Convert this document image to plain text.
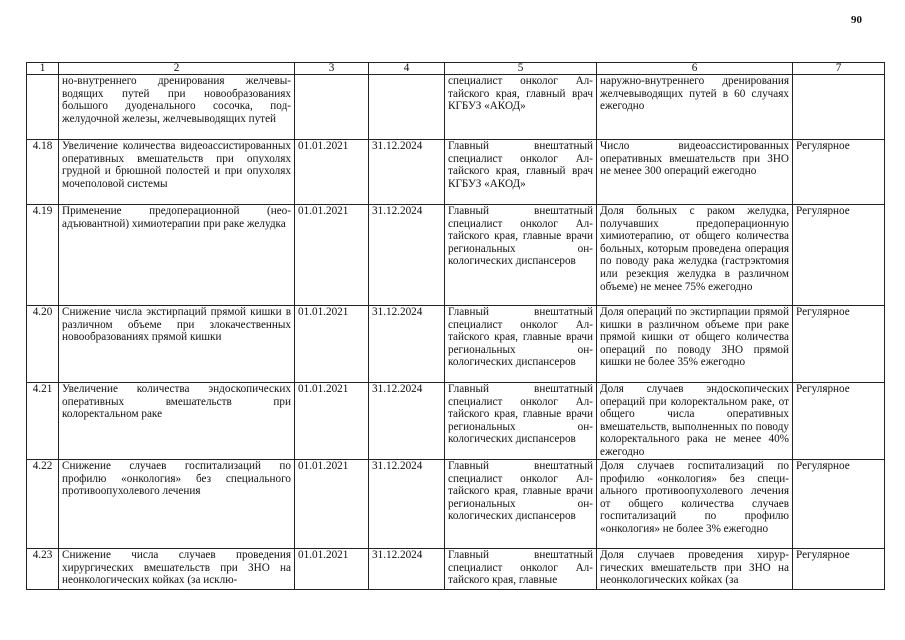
90
1	2	3	4	5	6	7
	но-внутреннего дренирования желчевыводящих путей при новообразованиях большого дуоденального сосочка, поджелудочной железы, желчевыводящих путей			специалист онколог Алтайского края, главный врач КГБУЗ «АКОД»	наружно-внутреннего дренирования желчевыводящих путей в 60 случаях ежегодно	
4.18	Увеличение количества видеоассистированных оперативных вмешательств при опухолях грудной и брюшной полостей и при опухолях мочеполовой системы	01.01.2021	31.12.2024	Главный внештатный специалист онколог Алтайского края, главный врач КГБУЗ «АКОД»	Число видеоассистированных оперативных вмешательств при ЗНО не менее 300 операций ежегодно	Регулярное
4.19	Применение предоперационной (неоадъювантной) химиотерапии при раке желудка	01.01.2021	31.12.2024	Главный внештатный специалист онколог Алтайского края, главные врачи региональных онкологических диспансеров	Доля больных с раком желудка, получавших предоперационную химиотерапию, от общего количества больных, которым проведена операция по поводу рака желудка (гастрэктомия или резекция желудка в различном объеме) не менее 75% ежегодно	Регулярное
4.20	Снижение числа экстирпаций прямой кишки в различном объеме при злокачественных новообразованиях прямой кишки	01.01.2021	31.12.2024	Главный внештатный специалист онколог Алтайского края, главные врачи региональных онкологических диспансеров	Доля операций по экстирпации прямой кишки в различном объеме при раке прямой кишки от общего количества операций по поводу ЗНО прямой кишки не более 35% ежегодно	Регулярное
4.21	Увеличение количества эндоскопических оперативных вмешательств при колоректальном раке	01.01.2021	31.12.2024	Главный внештатный специалист онколог Алтайского края, главные врачи региональных онкологических диспансеров	Доля случаев эндоскопических операций при колоректальном раке, от общего числа оперативных вмешательств, выполненных по поводу колоректального рака не менее 40% ежегодно	Регулярное
4.22	Снижение случаев госпитализаций по профилю «онкология» без специального противоопухолевого лечения	01.01.2021	31.12.2024	Главный внештатный специалист онколог Алтайского края, главные врачи региональных онкологических диспансеров	Доля случаев госпитализаций по профилю «онкология» без специального противоопухолевого лечения от общего количества случаев госпитализаций по профилю «онкология» не более 3% ежегодно	Регулярное
4.23	Снижение числа случаев проведения хирургических вмешательств при ЗНО на неонкологических койках (за исклю-	01.01.2021	31.12.2024	Главный внештатный специалист онколог Алтайского края, главные	Доля случаев проведения хирургических вмешательств при ЗНО на неонкологических койках (за	Регулярное
